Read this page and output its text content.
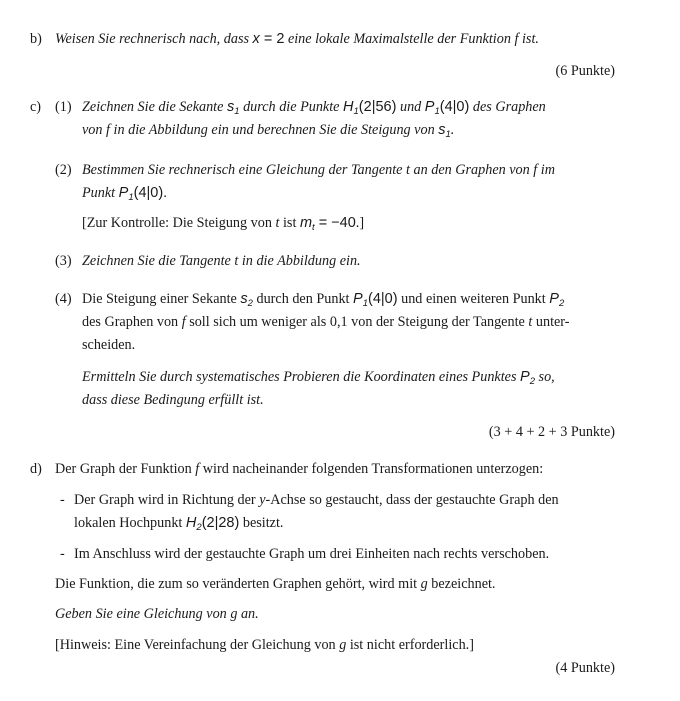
b) Weisen Sie rechnerisch nach, dass x = 2 eine lokale Maximalstelle der Funktion f ist.
(6 Punkte)
c) (1) Zeichnen Sie die Sekante $s_1$ durch die Punkte $H_1(2|56)$ und $P_1(4|0)$ des Graphen
von f in die Abbildung ein und berechnen Sie die Steigung von $s_1$.
(2) Bestimmen Sie rechnerisch eine Gleichung der Tangente t an den Graphen von f im
Punkt $P_1(4|0)$.
[Zur Kontrolle: Die Steigung von t ist $m_t = -40$.]
(3) Zeichnen Sie die Tangente t in die Abbildung ein.
(4) Die Steigung einer Sekante $s_2$ durch den Punkt $P_1(4|0)$ und einen weiteren Punkt $P_2$
des Graphen von f soll sich um weniger als 0,1 von der Steigung der Tangente t unter-
scheiden.
Ermitteln Sie durch systematisches Probieren die Koordinaten eines Punktes $P_2$ so,
dass diese Bedingung erfüllt ist.
(3 + 4 + 2 + 3 Punkte)
d) Der Graph der Funktion f wird nacheinander folgenden Transformationen unterzogen:
- Der Graph wird in Richtung der y-Achse so gestaucht, dass der gestauchte Graph den
lokalen Hochpunkt $H_2(2|28)$ besitzt.
- Im Anschluss wird der gestauchte Graph um drei Einheiten nach rechts verschoben.
Die Funktion, die zum so veränderten Graphen gehört, wird mit g bezeichnet.
Geben Sie eine Gleichung von g an.
[Hinweis: Eine Vereinfachung der Gleichung von g ist nicht erforderlich.]
(4 Punkte)
